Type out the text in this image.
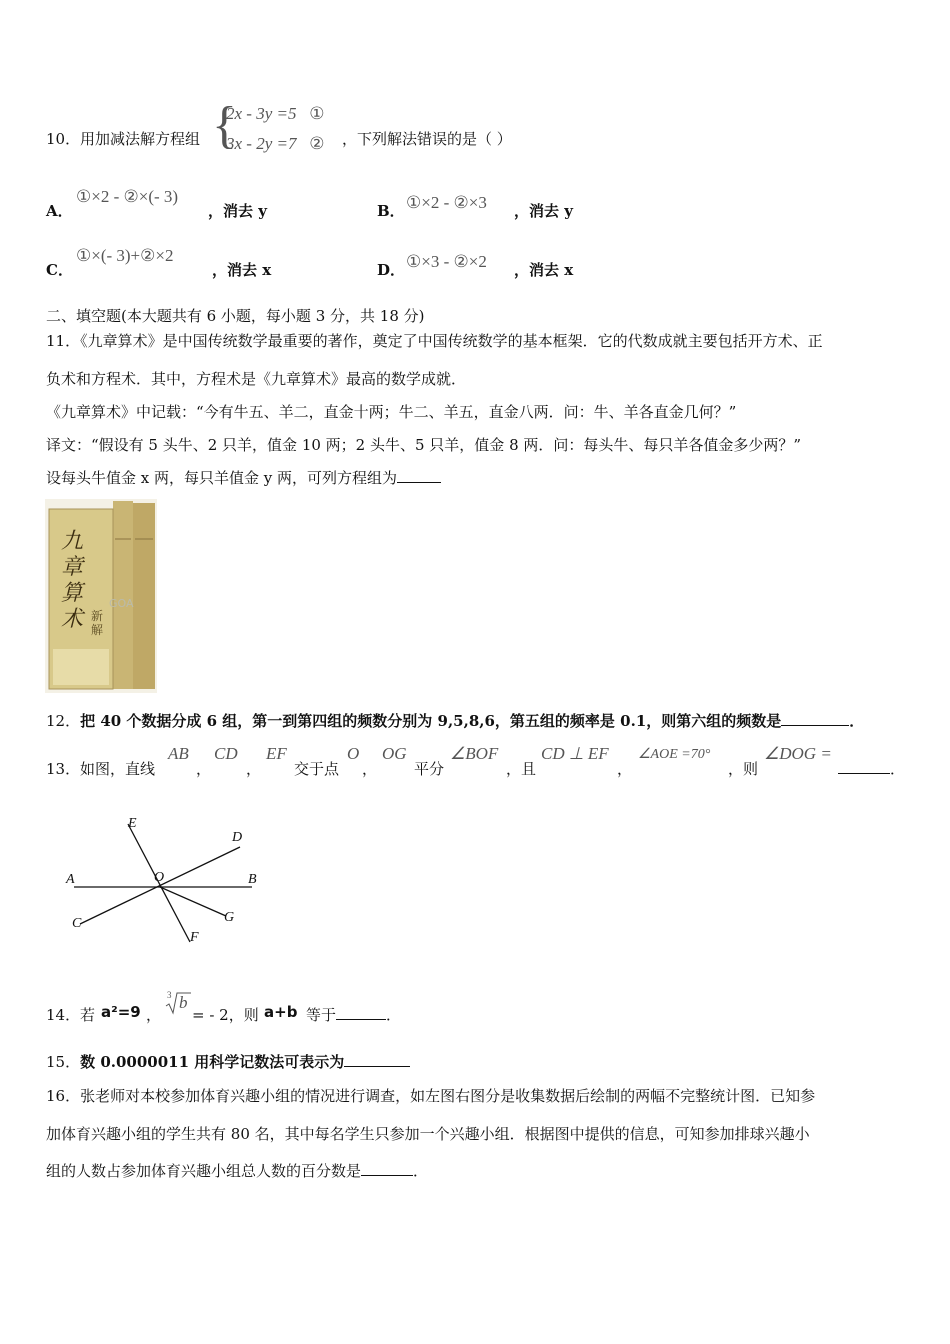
10． 用加减法解方程组 {
2x - 3y =5 ①
3x - 2y =7 ② ，下列解法错误的是（ ）
A．
①×2 - ②×(- 3)
，消去 y	B． ①×2 - ②×3 ，消去 y
C．
①×(- 3)+②×2
，消去 x	D． ①×3 - ②×2 ，消去 x
二、填空题(本大题共有 6 小题，每小题 3 分，共 18 分)
11．《九章算术》是中国传统数学最重要的著作，奠定了中国传统数学的基本框架．它的代数成就主要包括开方术、正
负术和方程术．其中，方程术是《九章算术》最高的数学成就．
《九章算术》中记载：“今有牛五、羊二，直金十两；牛二、羊五，直金八两．问：牛、羊各直金几何？”
译文：“假设有 5 头牛、2 只羊，值金 10 两；2 头牛、5 只羊，值金 8 两．问：每头牛、每只羊各值金多少两？”
设每头牛值金 x 两，每只羊值金 y 两，可列方程组为
九章算术 新解
GOA
12．把 40 个数据分成 6 组，第一到第四组的频数分别为 9,5,8,6，第五组的频率是 0.1，则第六组的频数是	．
13． 如图，直线
AB
，
CD
，
EF
交于点
O
，
OG
平分
∠BOF
，且
CD ⊥ EF
，
∠AOE =70°
，则
∠DOG =
．
A	B
C
D
E
F
G
O
14． 若 a²=9 ，
3 b
= - 2，则 a+b 等于	．
15．数 0.0000011 用科学记数法可表示为
16．张老师对本校参加体育兴趣小组的情况进行调查，如左图右图分是收集数据后绘制的两幅不完整统计图．已知参
加体育兴趣小组的学生共有 80 名，其中每名学生只参加一个兴趣小组．根据图中提供的信息，可知参加排球兴趣小
组的人数占参加体育兴趣小组总人数的百分数是	．
